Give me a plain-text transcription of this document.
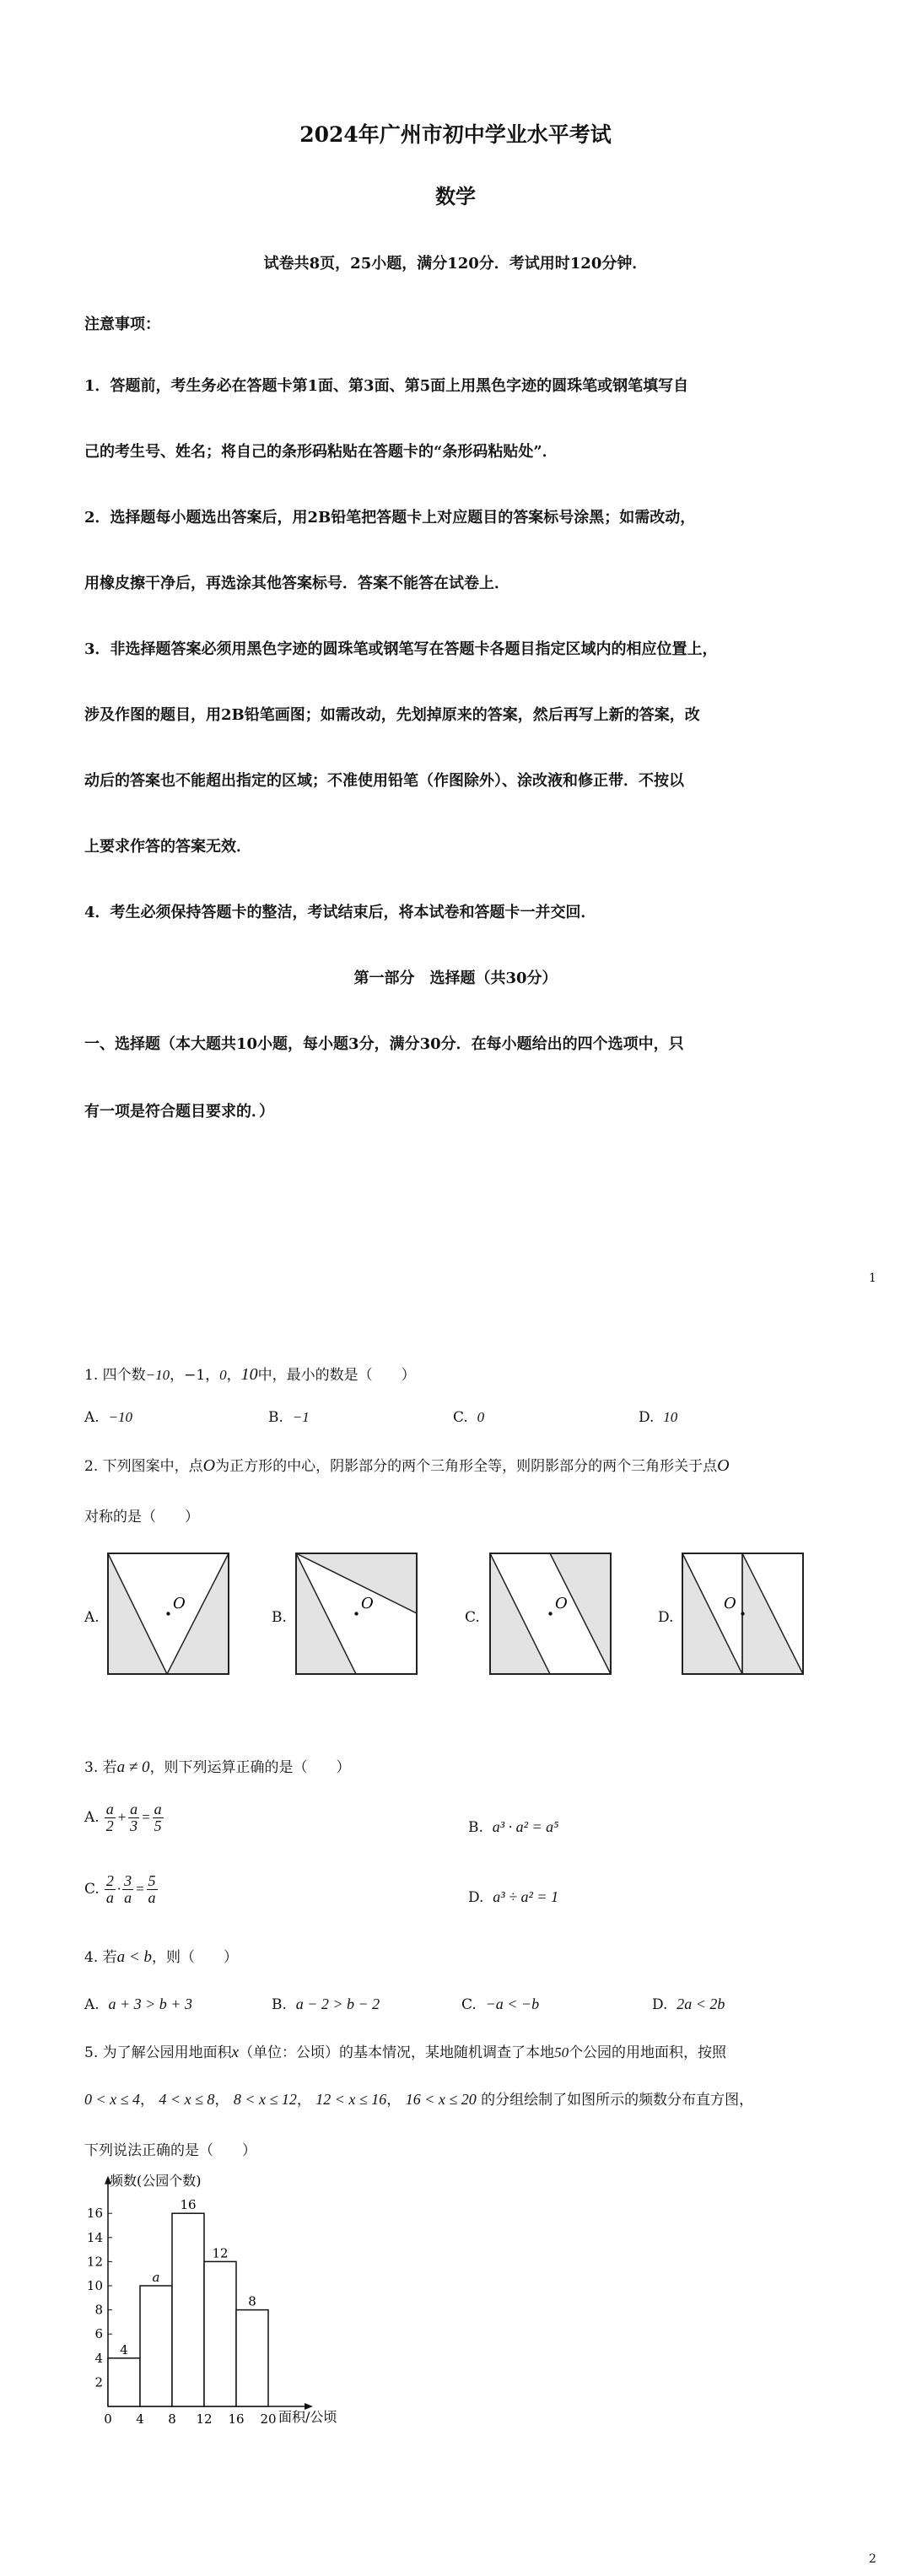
2024年广州市初中学业水平考试
数学
试卷共8页，25小题，满分120分．考试用时120分钟．
注意事项：
1．答题前，考生务必在答题卡第1面、第3面、第5面上用黑色字迹的圆珠笔或钢笔填写自
己的考生号、姓名；将自己的条形码粘贴在答题卡的“条形码粘贴处”．
2．选择题每小题选出答案后，用2B铅笔把答题卡上对应题目的答案标号涂黑；如需改动，
用橡皮擦干净后，再选涂其他答案标号．答案不能答在试卷上．
3．非选择题答案必须用黑色字迹的圆珠笔或钢笔写在答题卡各题目指定区域内的相应位置上，
涉及作图的题目，用2B铅笔画图；如需改动，先划掉原来的答案，然后再写上新的答案，改
动后的答案也不能超出指定的区域；不准使用铅笔（作图除外）、涂改液和修正带．不按以
上要求作答的答案无效．
4．考生必须保持答题卡的整洁，考试结束后，将本试卷和答题卡一并交回．
第一部分　选择题（共30分）
一、选择题（本大题共10小题，每小题3分，满分30分．在每小题给出的四个选项中，只
有一项是符合题目要求的．）
1
1. 四个数−10，−1，0，10中，最小的数是（　　）
A. −10	B. −1	C. 0	D. 10
2. 下列图案中，点O为正方形的中心，阴影部分的两个三角形全等，则阴影部分的两个三角形关于点O
对称的是（　　）
A.
O
B.
O
C.
O
D.
O
3. 若a ≠ 0，则下列运算正确的是（　　）
A. $\frac{a}{2} + \frac{a}{3} = \frac{a}{5}$	B. a³ · a² = a⁵
C. $\frac{2}{a} \cdot \frac{3}{a} = \frac{5}{a}$	D. a³ ÷ a² = 1
4. 若a < b，则（　　）
A. a + 3 > b + 3	B. a − 2 > b − 2	C. −a < −b	D. 2a < 2b
5. 为了解公园用地面积x（单位：公顷）的基本情况，某地随机调查了本地50个公园的用地面积，按照
0 < x ≤ 4， 4 < x ≤ 8， 8 < x ≤ 12， 12 < x ≤ 16， 16 < x ≤ 20 的分组绘制了如图所示的频数分布直方图，
下列说法正确的是（　　）
2
4
6
8
10
12
14
16
0 4 8 12 16 20
4
a
16
12
8
频数(公园个数)
面积/公顷
2
